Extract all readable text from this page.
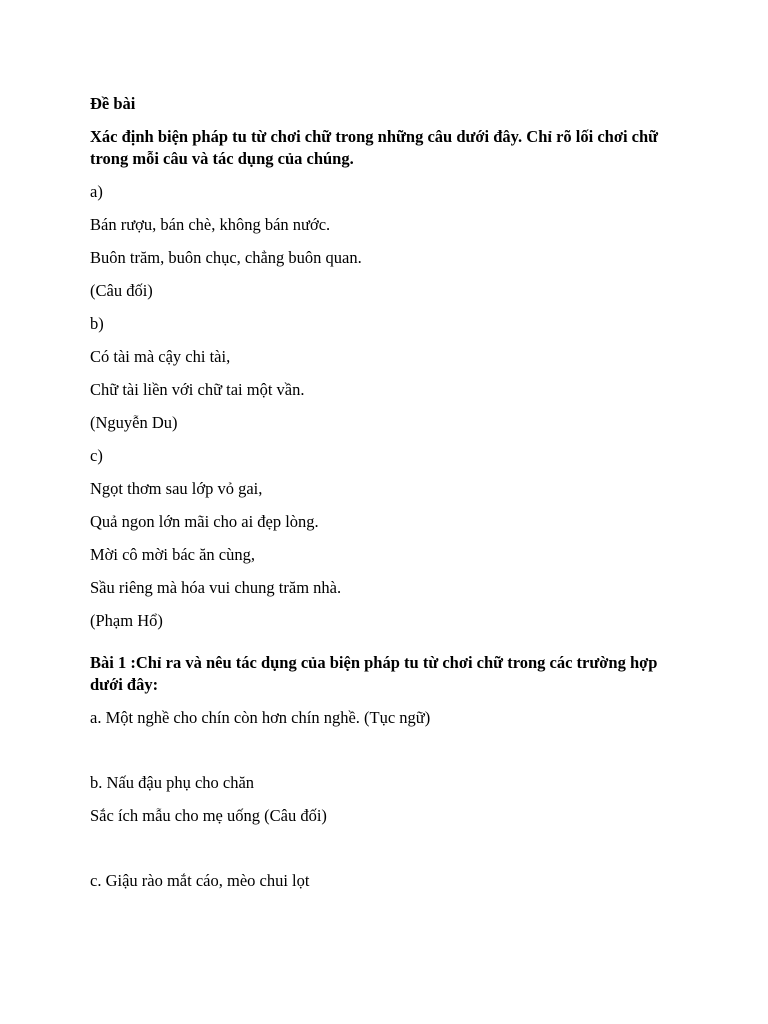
Đề bài

Xác định biện pháp tu từ chơi chữ trong những câu dưới đây. Chỉ rõ lối chơi chữ trong mỗi câu và tác dụng của chúng.

a)

Bán rượu, bán chè, không bán nước.

Buôn trăm, buôn chục, chẳng buôn quan.

(Câu đối)

b)

Có tài mà cậy chi tài,

Chữ tài liền với chữ tai một vần.

(Nguyễn Du)

c)

Ngọt thơm sau lớp vỏ gai,

Quả ngon lớn mãi cho ai đẹp lòng.

Mời cô mời bác ăn cùng,

Sầu riêng mà hóa vui chung trăm nhà.

(Phạm Hổ)

Bài 1 :Chỉ ra và nêu tác dụng của biện pháp tu từ chơi chữ trong các trường hợp dưới đây:

a. Một nghề cho chín còn hơn chín nghề. (Tục ngữ)

b. Nấu đậu phụ cho chăn

Sắc ích mẫu cho mẹ uống (Câu đối)

c. Giậu rào mắt cáo, mèo chui lọt
